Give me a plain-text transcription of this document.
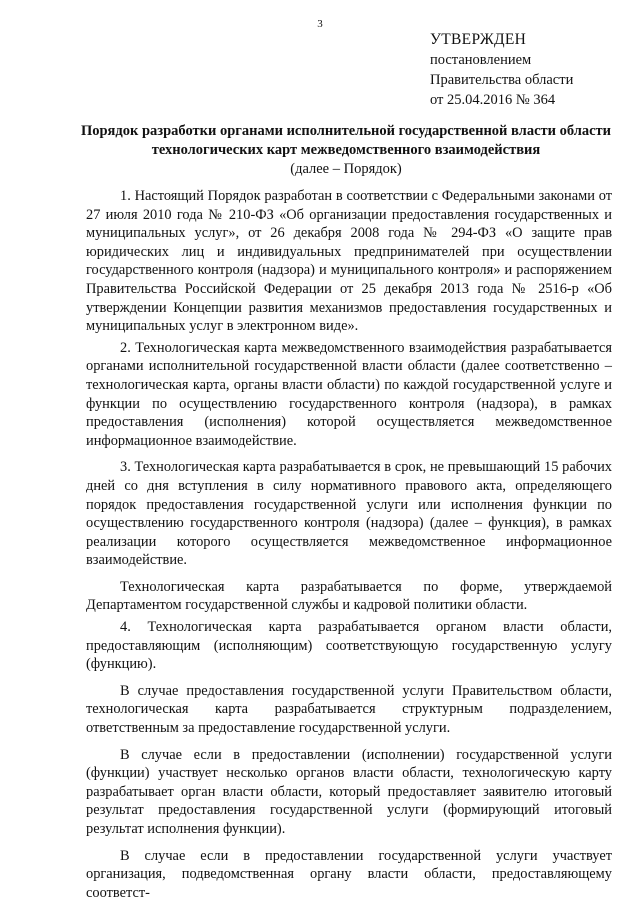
3
УТВЕРЖДЕН
постановлением
Правительства области
от 25.04.2016 № 364
Порядок разработки органами исполнительной государственной власти области технологических карт межведомственного взаимодействия
(далее – Порядок)

1. Настоящий Порядок разработан в соответствии с Федеральными законами от 27 июля 2010 года № 210-ФЗ «Об организации предоставления государственных и муниципальных услуг», от 26 декабря 2008 года № 294-ФЗ «О защите прав юридических лиц и индивидуальных предпринимателей при осуществлении государственного контроля (надзора) и муниципального контроля» и распоряжением Правительства Российской Федерации от 25 декабря 2013 года № 2516-р «Об утверждении Концепции развития механизмов предоставления государственных и муниципальных услуг в электронном виде».

2. Технологическая карта межведомственного взаимодействия разрабатывается органами исполнительной государственной власти области (далее соответственно – технологическая карта, органы власти области) по каждой государственной услуге и функции по осуществлению государственного контроля (надзора), в рамках предоставления (исполнения) которой осуществляется межведомственное информационное взаимодействие.

3. Технологическая карта разрабатывается в срок, не превышающий 15 рабочих дней со дня вступления в силу нормативного правового акта, определяющего порядок предоставления государственной услуги или исполнения функции по осуществлению государственного контроля (надзора) (далее – функция), в рамках реализации которого осуществляется межведомственное информационное взаимодействие.

Технологическая карта разрабатывается по форме, утверждаемой Департаментом государственной службы и кадровой политики области.

4. Технологическая карта разрабатывается органом власти области, предоставляющим (исполняющим) соответствующую государственную услугу (функцию).

В случае предоставления государственной услуги Правительством области, технологическая карта разрабатывается структурным подразделением, ответственным за предоставление государственной услуги.

В случае если в предоставлении (исполнении) государственной услуги (функции) участвует несколько органов власти области, технологическую карту разрабатывает орган власти области, который предоставляет заявителю итоговый результат предоставления государственной услуги (формирующий итоговый результат исполнения функции).

В случае если в предоставлении государственной услуги участвует организация, подведомственная органу власти области, предоставляющему соответст-
